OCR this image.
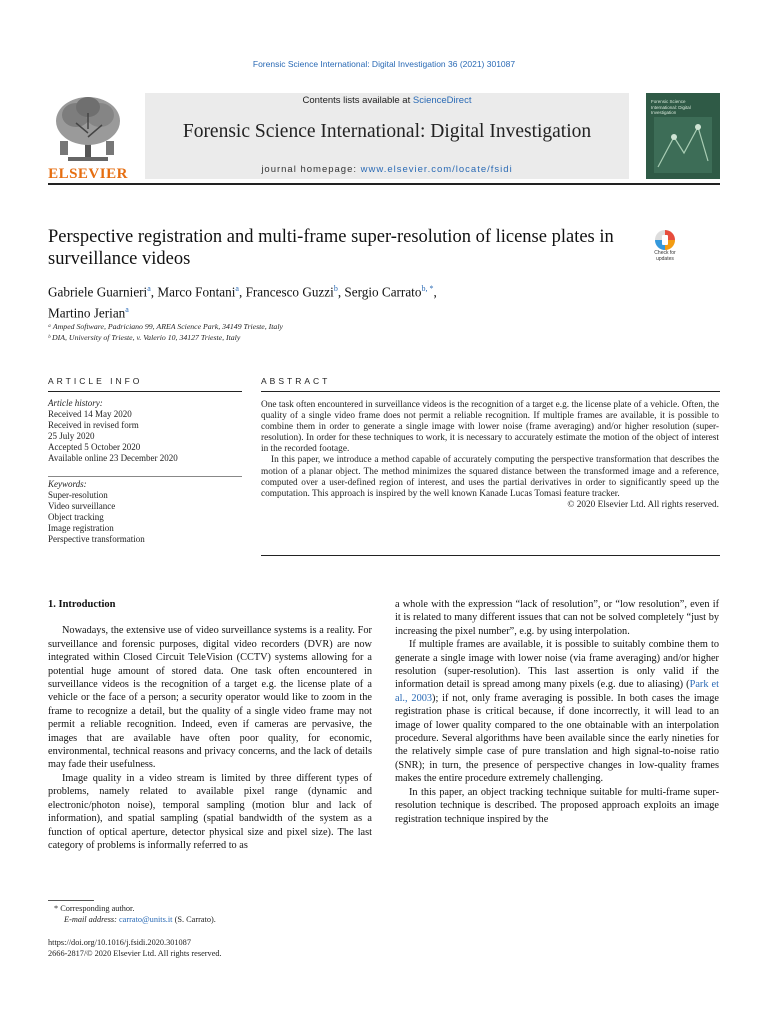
Forensic Science International: Digital Investigation 36 (2021) 301087
ELSEVIER
Contents lists available at ScienceDirect
Forensic Science International: Digital Investigation
journal homepage: www.elsevier.com/locate/fsidi
Forensic Science International: Digital Investigation
Perspective registration and multi-frame super-resolution of license plates in surveillance videos	Check for updates
Gabriele Guarnieri$^a$, Marco Fontani$^a$, Francesco Guzzi$^b$, Sergio Carrato$^{b, *}$,
Martino Jerian$^a$
ᵃ Amped Software, Padriciano 99, AREA Science Park, 34149 Trieste, Italy
ᵇ DIA, University of Trieste, v. Valerio 10, 34127 Trieste, Italy
ARTICLE INFO	ABSTRACT
Article history:
Received 14 May 2020
Received in revised form
25 July 2020
Accepted 5 October 2020
Available online 23 December 2020
Keywords:
Super-resolution
Video surveillance
Object tracking
Image registration
Perspective transformation

One task often encountered in surveillance videos is the recognition of a target e.g. the license plate of a vehicle. Often, the quality of a single video frame does not permit a reliable recognition. If multiple frames are available, it is possible to combine them in order to generate a single image with lower noise (frame averaging) and/or higher resolution (super-resolution). In order for these techniques to work, it is necessary to accurately estimate the motion of the object of interest in the recorded footage.

In this paper, we introduce a method capable of accurately computing the perspective transformation that describes the motion of a planar object. The method minimizes the squared distance between the transformed image and a reference, computed over a user-defined region of interest, and uses the partial derivatives in order to significantly speed up the computation. This approach is inspired by the well known Kanade Lucas Tomasi feature tracker.

© 2020 Elsevier Ltd. All rights reserved.

1. Introduction

Nowadays, the extensive use of video surveillance systems is a reality. For surveillance and forensic purposes, digital video recorders (DVR) are now integrated within Closed Circuit TeleVision (CCTV) systems allowing for a potential huge amount of stored data. One task often encountered in surveillance videos is the recognition of a target e.g. the license plate of a vehicle or the face of a person; a security operator would like to zoom in the frame to recognize a detail, but the quality of a single video frame may not permit a reliable recognition. Indeed, even if cameras are pervasive, the images that are available have often poor quality, for economic, environmental, technical reasons and privacy concerns, and the lack of details may fade their usefulness.

Image quality in a video stream is limited by three different types of problems, namely related to available pixel range (dynamic and electronic/photon noise), temporal sampling (motion blur and lack of information), and spatial sampling (spatial bandwidth of the system as a function of optical aperture, detector physical size and pixel size). The last category of problems is informally referred to as

a whole with the expression “lack of resolution”, or “low resolution”, even if it is related to many different issues that can not be solved completely “just by increasing the pixel number”, e.g. by using interpolation.

If multiple frames are available, it is possible to suitably combine them to generate a single image with lower noise (via frame averaging) and/or higher resolution (super-resolution). This last assertion is only valid if the information detail is spread among many pixels (e.g. due to aliasing) (Park et al., 2003); if not, only frame averaging is possible. In both cases the image registration phase is critical because, if done incorrectly, it will lead to an image of lower quality compared to the one obtainable with an interpolation procedure. Several algorithms have been available since the early nineties for the relatively simple case of pure translation and high signal-to-noise ratio (SNR); in turn, the presence of perspective changes in low-quality frames makes the entire procedure extremely challenging.

In this paper, an object tracking technique suitable for multi-frame super-resolution technique is described. The proposed approach exploits an image registration technique inspired by the

* Corresponding author.
E-mail address: carrato@units.it (S. Carrato).
https://doi.org/10.1016/j.fsidi.2020.301087
2666-2817/© 2020 Elsevier Ltd. All rights reserved.
